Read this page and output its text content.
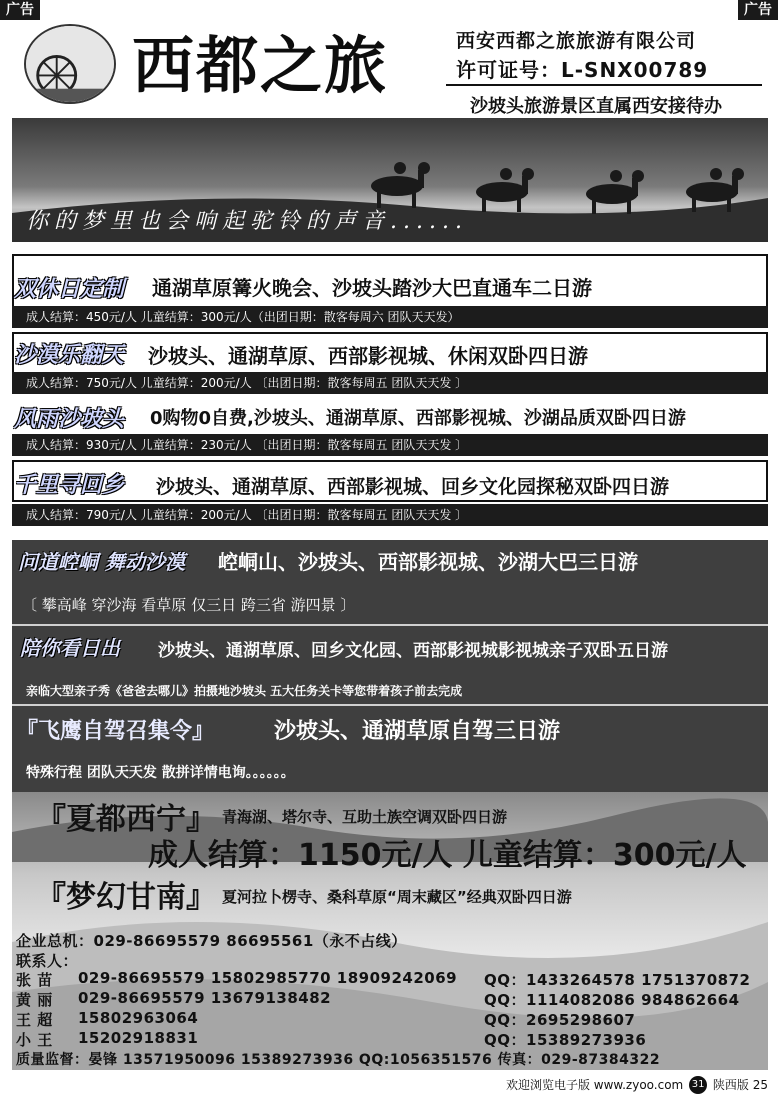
广告	广告
西都之旅	西安西都之旅旅游有限公司
许可证号：L-SNX00789
沙坡头旅游景区直属西安接待办
你的梦里也会响起驼铃的声音......
双休日定制 通湖草原篝火晚会、沙坡头踏沙大巴直通车二日游
成人结算：450元/人 儿童结算：300元/人（出团日期：散客每周六 团队天天发）
沙漠乐翻天 沙坡头、通湖草原、西部影视城、休闲双卧四日游
成人结算：750元/人 儿童结算：200元/人 〔出团日期：散客每周五 团队天天发 〕
风雨沙坡头 0购物0自费,沙坡头、通湖草原、西部影视城、沙湖品质双卧四日游
成人结算：930元/人 儿童结算：230元/人 〔出团日期：散客每周五 团队天天发 〕
千里寻回乡 沙坡头、通湖草原、西部影视城、回乡文化园探秘双卧四日游
成人结算：790元/人 儿童结算：200元/人 〔出团日期：散客每周五 团队天天发 〕
问道崆峒 舞动沙漠 崆峒山、沙坡头、西部影视城、沙湖大巴三日游
〔 攀高峰 穿沙海 看草原 仅三日 跨三省 游四景 〕
陪你看日出 沙坡头、通湖草原、回乡文化园、西部影视城影视城亲子双卧五日游
亲临大型亲子秀《爸爸去哪儿》拍摄地沙坡头 五大任务关卡等您带着孩子前去完成
『飞鹰自驾召集令』	沙坡头、通湖草原自驾三日游
特殊行程 团队天天发 散拼详情电询。。。。。。
『夏都西宁』 青海湖、塔尔寺、互助土族空调双卧四日游
成人结算：1150元/人 儿童结算：300元/人
『梦幻甘南』 夏河拉卜楞寺、桑科草原“周末藏区”经典双卧四日游
企业总机：029-86695579 86695561（永不占线）
联系人：
张 苗 029-86695579 15802985770 18909242069 QQ：1433264578 1751370872
黄 丽 029-86695579 13679138482	QQ：1114082086 984862664
王 超 15802963064	QQ：2695298607
小 王 15202918831	QQ：15389273936
质量监督：晏锋 13571950096 15389273936 QQ:1056351576 传真：029-87384322
欢迎浏览电子版 www.zyoo.com 31 陕西版 25
